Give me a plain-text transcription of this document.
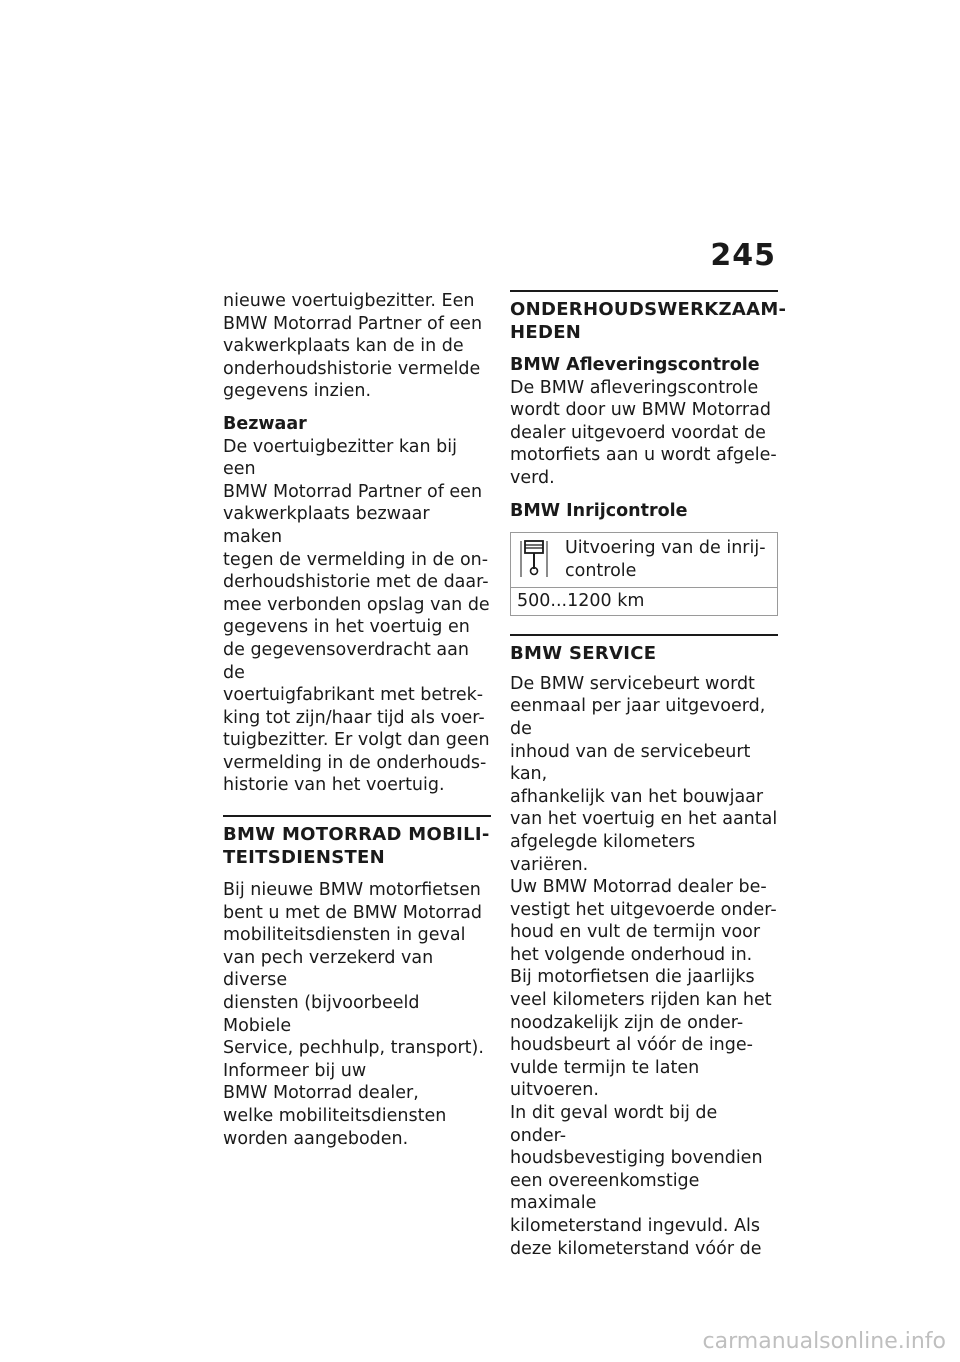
245

nieuwe voertuigbezitter. Een

BMW Motorrad Partner of een

vakwerkplaats kan de in de

onderhoudshistorie vermelde

gegevens inzien.

Bezwaar

De voertuigbezitter kan bij een

BMW Motorrad Partner of een

vakwerkplaats bezwaar maken

tegen de vermelding in de on-

derhoudshistorie met de daar-

mee verbonden opslag van de

gegevens in het voertuig en

de gegevensoverdracht aan de

voertuigfabrikant met betrek-

king tot zijn/haar tijd als voer-

tuigbezitter. Er volgt dan geen

vermelding in de onderhouds-

historie van het voertuig.

BMW MOTORRAD MOBILI-
TEITSDIENSTEN

Bij nieuwe BMW motorfietsen

bent u met de BMW Motorrad

mobiliteitsdiensten in geval

van pech verzekerd van diverse

diensten (bijvoorbeeld Mobiele

Service, pechhulp, transport).

Informeer bij uw

BMW Motorrad dealer,

welke mobiliteitsdiensten

worden aangeboden.

ONDERHOUDSWERKZAAM-
HEDEN

BMW Afleveringscontrole

De BMW afleveringscontrole

wordt door uw BMW Motorrad

dealer uitgevoerd voordat de

motorfiets aan u wordt afgele-

verd.

BMW Inrijcontrole

Uitvoering van de inrij-
controle

500...1200 km
BMW SERVICE

De BMW servicebeurt wordt

eenmaal per jaar uitgevoerd, de

inhoud van de servicebeurt kan,

afhankelijk van het bouwjaar

van het voertuig en het aantal

afgelegde kilometers variëren.

Uw BMW Motorrad dealer be-

vestigt het uitgevoerde onder-

houd en vult de termijn voor

het volgende onderhoud in.

Bij motorfietsen die jaarlijks

veel kilometers rijden kan het

noodzakelijk zijn de onder-

houdsbeurt al vóór de inge-

vulde termijn te laten uitvoeren.

In dit geval wordt bij de onder-

houdsbevestiging bovendien

een overeenkomstige maximale

kilometerstand ingevuld. Als

deze kilometerstand vóór de

carmanualsonline.info
